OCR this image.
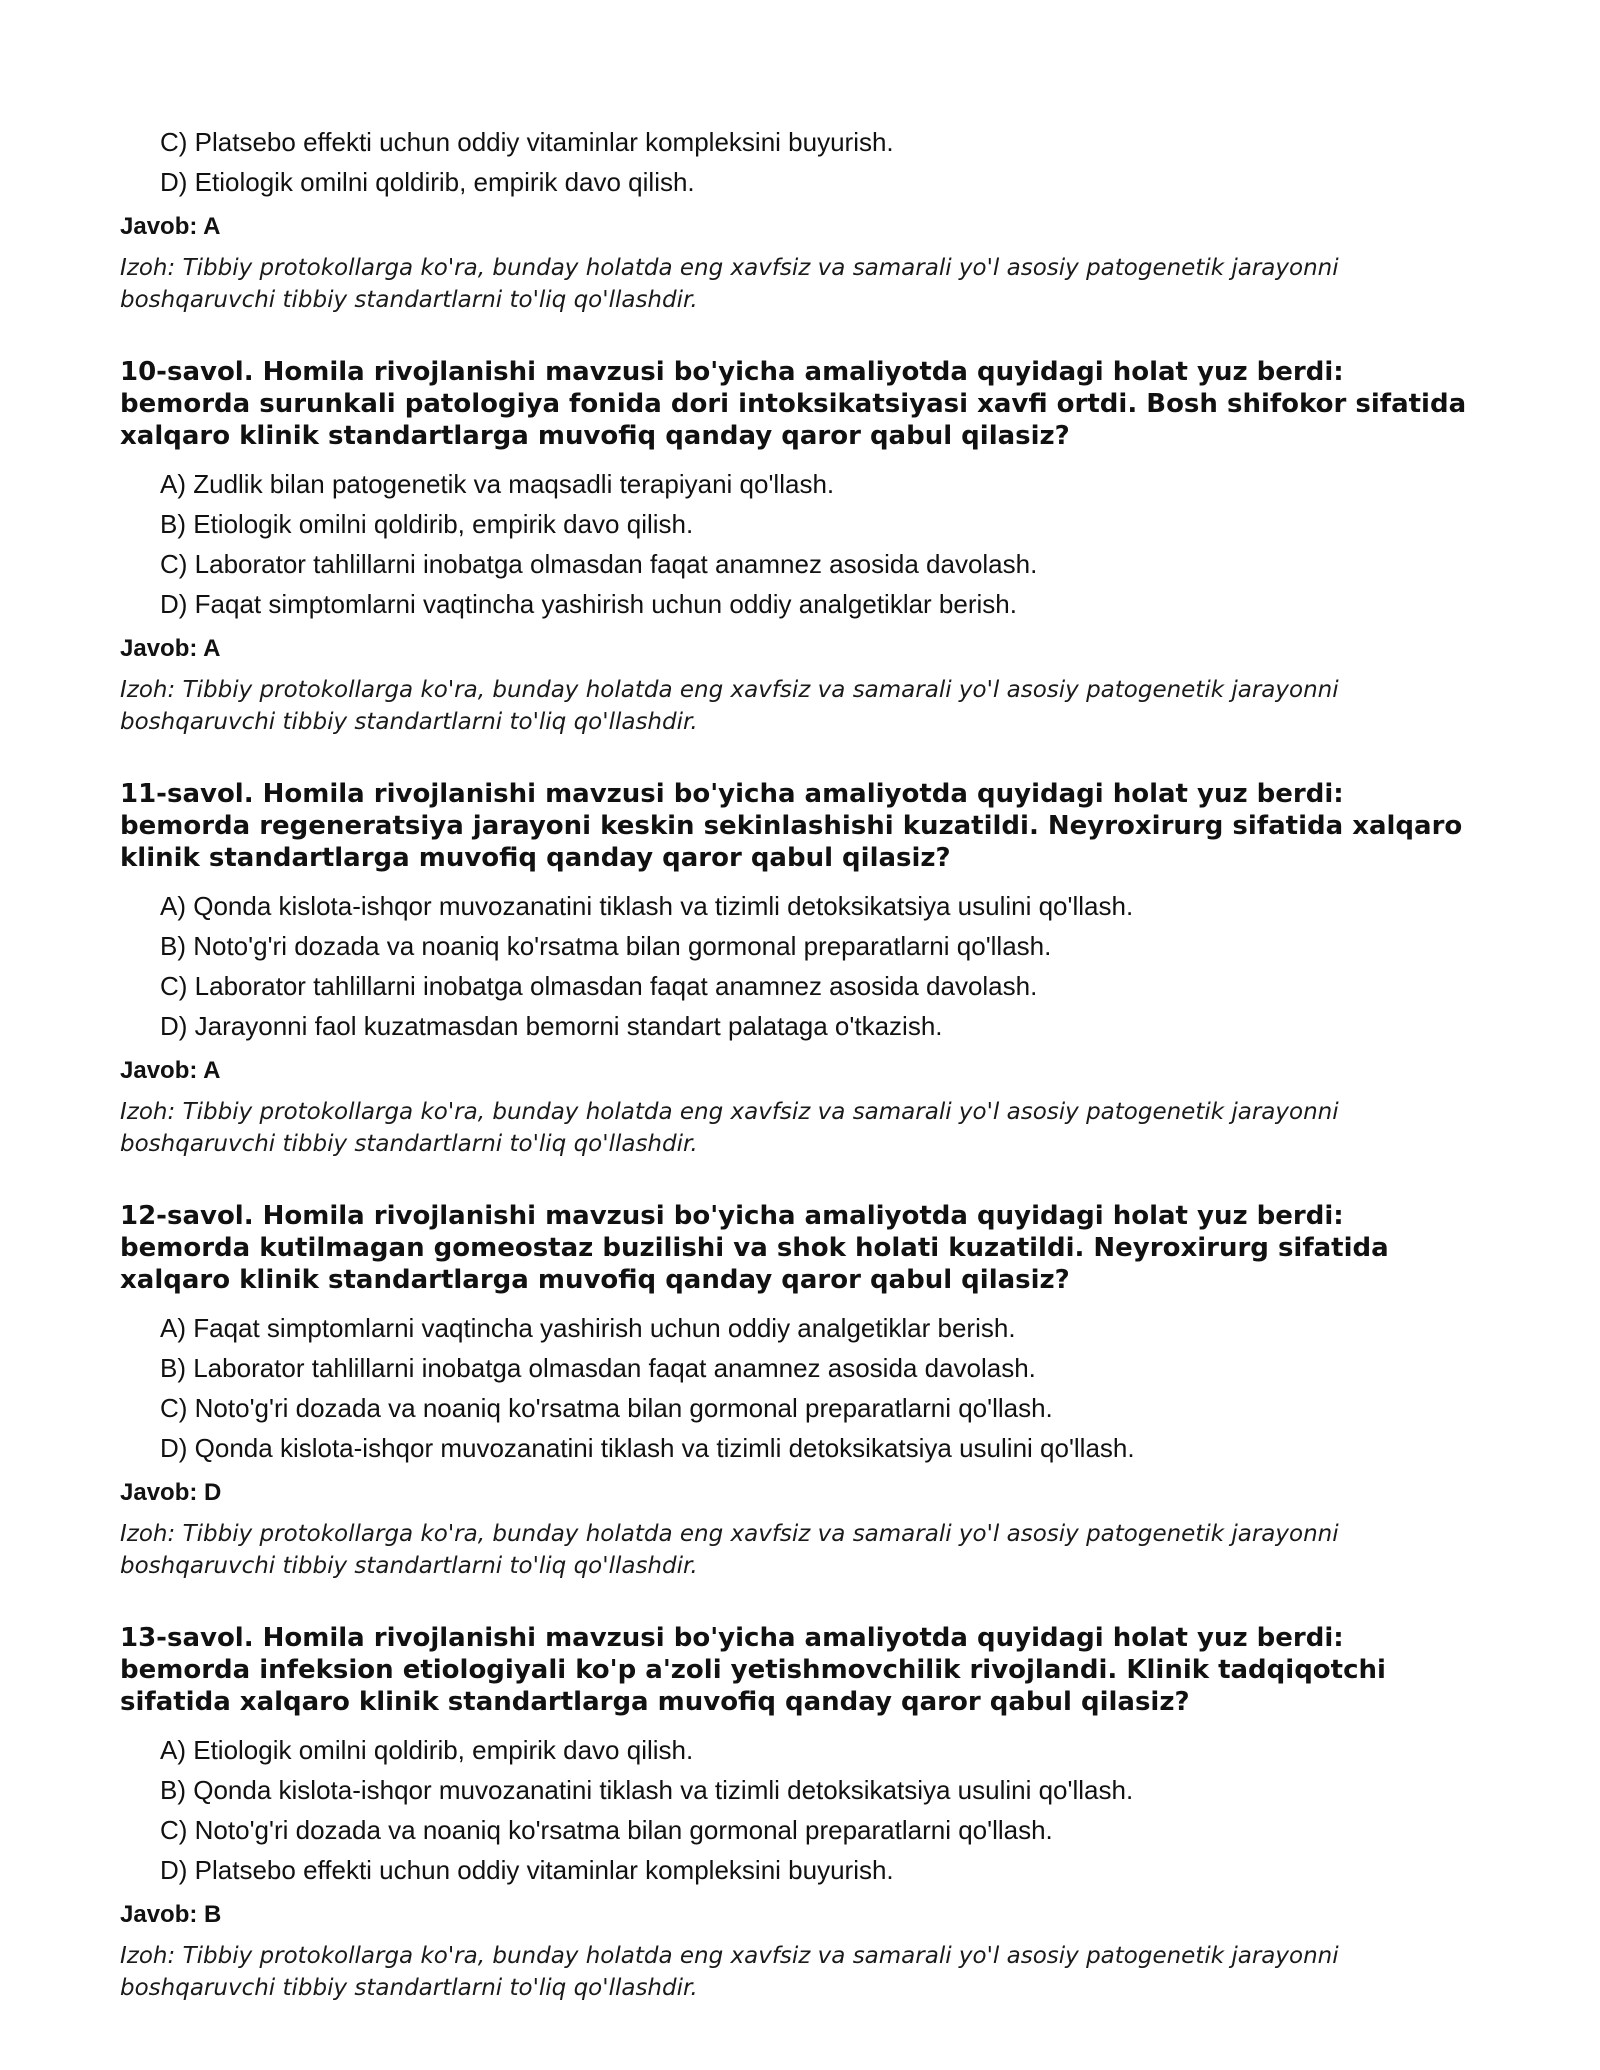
C) Platsebo effekti uchun oddiy vitaminlar kompleksini buyurish.
D) Etiologik omilni qoldirib, empirik davo qilish.
Javob: A
Izoh: Tibbiy protokollarga ko'ra, bunday holatda eng xavfsiz va samarali yo'l asosiy patogenetik jarayonni boshqaruvchi tibbiy standartlarni to'liq qo'llashdir.
10-savol. Homila rivojlanishi mavzusi bo'yicha amaliyotda quyidagi holat yuz berdi: bemorda surunkali patologiya fonida dori intoksikatsiyasi xavfi ortdi. Bosh shifokor sifatida xalqaro klinik standartlarga muvofiq qanday qaror qabul qilasiz?
A) Zudlik bilan patogenetik va maqsadli terapiyani qo'llash.
B) Etiologik omilni qoldirib, empirik davo qilish.
C) Laborator tahlillarni inobatga olmasdan faqat anamnez asosida davolash.
D) Faqat simptomlarni vaqtincha yashirish uchun oddiy analgetiklar berish.
Javob: A
Izoh: Tibbiy protokollarga ko'ra, bunday holatda eng xavfsiz va samarali yo'l asosiy patogenetik jarayonni boshqaruvchi tibbiy standartlarni to'liq qo'llashdir.
11-savol. Homila rivojlanishi mavzusi bo'yicha amaliyotda quyidagi holat yuz berdi: bemorda regeneratsiya jarayoni keskin sekinlashishi kuzatildi. Neyroxirurg sifatida xalqaro klinik standartlarga muvofiq qanday qaror qabul qilasiz?
A) Qonda kislota-ishqor muvozanatini tiklash va tizimli detoksikatsiya usulini qo'llash.
B) Noto'g'ri dozada va noaniq ko'rsatma bilan gormonal preparatlarni qo'llash.
C) Laborator tahlillarni inobatga olmasdan faqat anamnez asosida davolash.
D) Jarayonni faol kuzatmasdan bemorni standart palataga o'tkazish.
Javob: A
Izoh: Tibbiy protokollarga ko'ra, bunday holatda eng xavfsiz va samarali yo'l asosiy patogenetik jarayonni boshqaruvchi tibbiy standartlarni to'liq qo'llashdir.
12-savol. Homila rivojlanishi mavzusi bo'yicha amaliyotda quyidagi holat yuz berdi: bemorda kutilmagan gomeostaz buzilishi va shok holati kuzatildi. Neyroxirurg sifatida xalqaro klinik standartlarga muvofiq qanday qaror qabul qilasiz?
A) Faqat simptomlarni vaqtincha yashirish uchun oddiy analgetiklar berish.
B) Laborator tahlillarni inobatga olmasdan faqat anamnez asosida davolash.
C) Noto'g'ri dozada va noaniq ko'rsatma bilan gormonal preparatlarni qo'llash.
D) Qonda kislota-ishqor muvozanatini tiklash va tizimli detoksikatsiya usulini qo'llash.
Javob: D
Izoh: Tibbiy protokollarga ko'ra, bunday holatda eng xavfsiz va samarali yo'l asosiy patogenetik jarayonni boshqaruvchi tibbiy standartlarni to'liq qo'llashdir.
13-savol. Homila rivojlanishi mavzusi bo'yicha amaliyotda quyidagi holat yuz berdi: bemorda infeksion etiologiyali ko'p a'zoli yetishmovchilik rivojlandi. Klinik tadqiqotchi sifatida xalqaro klinik standartlarga muvofiq qanday qaror qabul qilasiz?
A) Etiologik omilni qoldirib, empirik davo qilish.
B) Qonda kislota-ishqor muvozanatini tiklash va tizimli detoksikatsiya usulini qo'llash.
C) Noto'g'ri dozada va noaniq ko'rsatma bilan gormonal preparatlarni qo'llash.
D) Platsebo effekti uchun oddiy vitaminlar kompleksini buyurish.
Javob: B
Izoh: Tibbiy protokollarga ko'ra, bunday holatda eng xavfsiz va samarali yo'l asosiy patogenetik jarayonni boshqaruvchi tibbiy standartlarni to'liq qo'llashdir.
